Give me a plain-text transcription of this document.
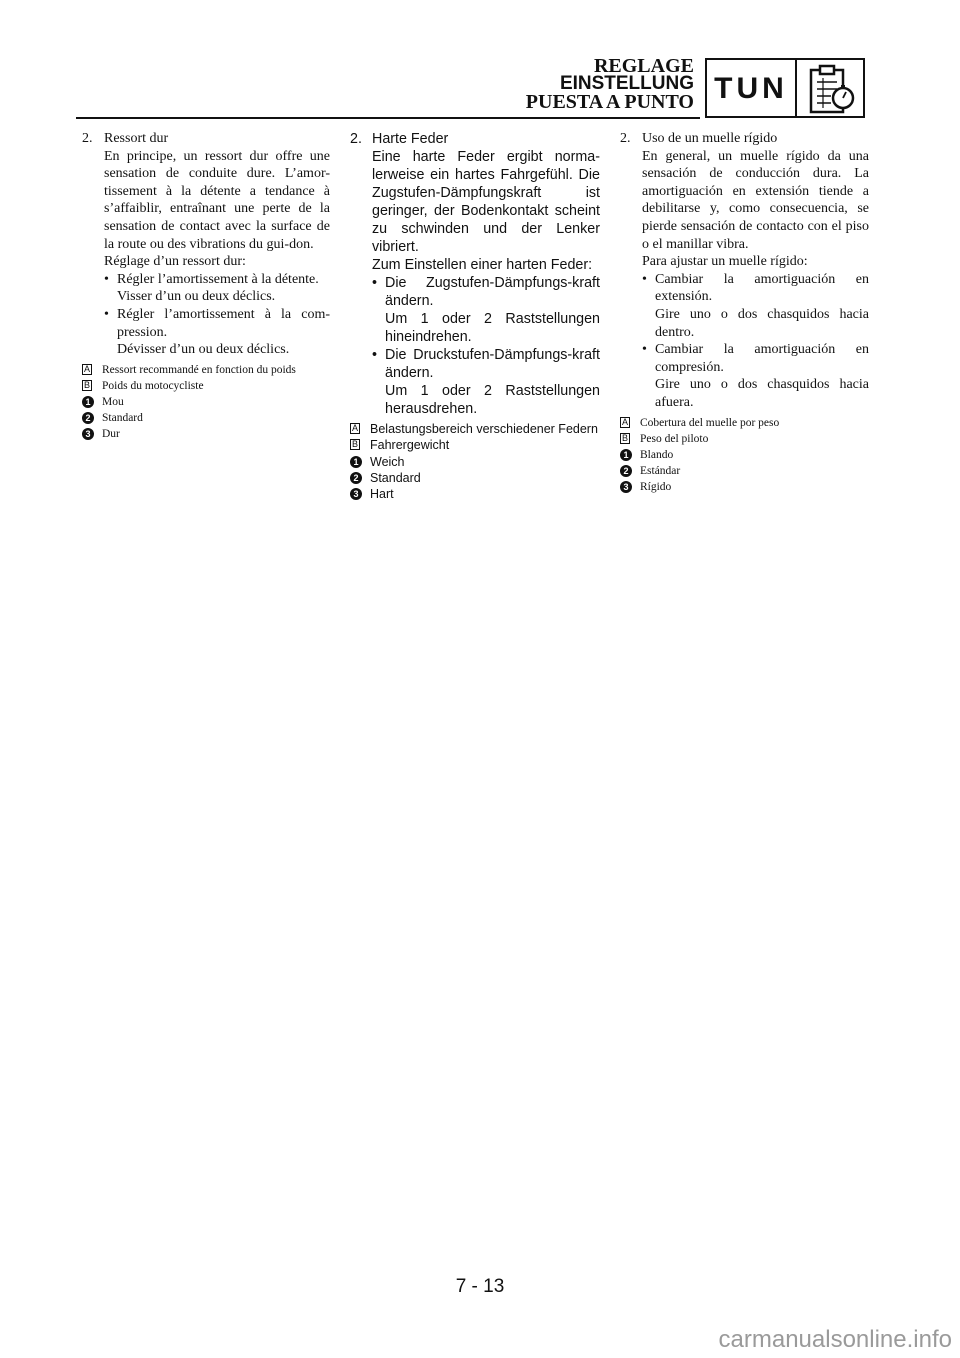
REGLAGE
EINSTELLUNG
PUESTA A PUNTO TUN
2. Ressort dur
En principe, un ressort dur offre une sensation de conduite dure. L’amor-tissement à la détente a tendance à s’affaiblir, entraînant une perte de la sensation de contact avec la surface de la route ou des vibrations du gui-don.
Réglage d’un ressort dur:
• Régler l’amortissement à la détente.
Visser d’un ou deux déclics.
• Régler l’amortissement à la com-pression.
Dévisser d’un ou deux déclics.
A Ressort recommandé en fonction du poids
B Poids du motocycliste
1	Mou
2	Standard
3	Dur
2. Harte Feder
Eine harte Feder ergibt norma-lerweise ein hartes Fahrgefühl. Die Zugstufen-Dämpfungskraft ist geringer, der Bodenkontakt scheint zu schwinden und der Lenker vibriert.
Zum Einstellen einer harten Feder:
• Die Zugstufen-Dämpfungs-kraft ändern.
Um 1 oder 2 Raststellungen hineindrehen.
• Die Druckstufen-Dämpfungs-kraft ändern.
Um 1 oder 2 Raststellungen herausdrehen.
A Belastungsbereich verschiedener Federn
B Fahrergewicht
1 Weich
2 Standard
3 Hart
2. Uso de un muelle rígido
En general, un muelle rígido da una sensación de conducción dura. La amortiguación en extensión tiende a debilitarse y, como consecuencia, se pierde sensación de contacto con el piso o el manillar vibra.
Para ajustar un muelle rígido:
• Cambiar la amortiguación en extensión.
Gire uno o dos chasquidos hacia dentro.
• Cambiar la amortiguación en compresión.
Gire uno o dos chasquidos hacia afuera.
A Cobertura del muelle por peso
B Peso del piloto
1	Blando
2	Estándar
3	Rígido
7 - 13
carmanualsonline.info
